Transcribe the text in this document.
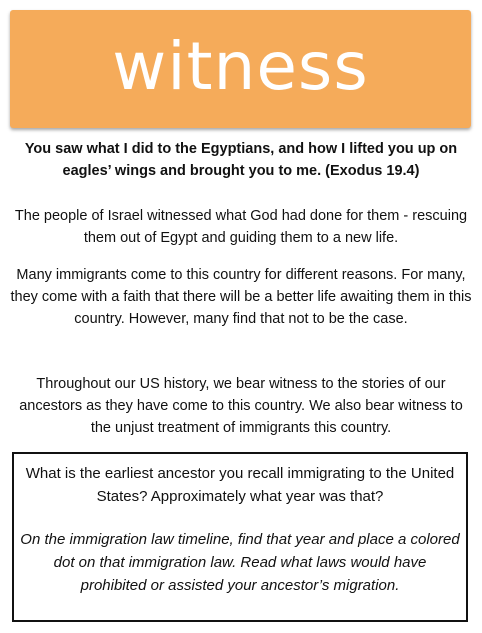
witness
You saw what I did to the Egyptians, and how I lifted you up on eagles’ wings and brought you to me. (Exodus 19.4)
The people of Israel witnessed what God had done for them - rescuing them out of Egypt and guiding them to a new life.
Many immigrants come to this country for different reasons. For many, they come with a faith that there will be a better life awaiting them in this country. However, many find that not to be the case.
Throughout our US history, we bear witness to the stories of our ancestors as they have come to this country. We also bear witness to the unjust treatment of immigrants this country.
What is the earliest ancestor you recall immigrating to the United States? Approximately what year was that?
On the immigration law timeline, find that year and place a colored dot on that immigration law. Read what laws would have prohibited or assisted your ancestor’s migration.
